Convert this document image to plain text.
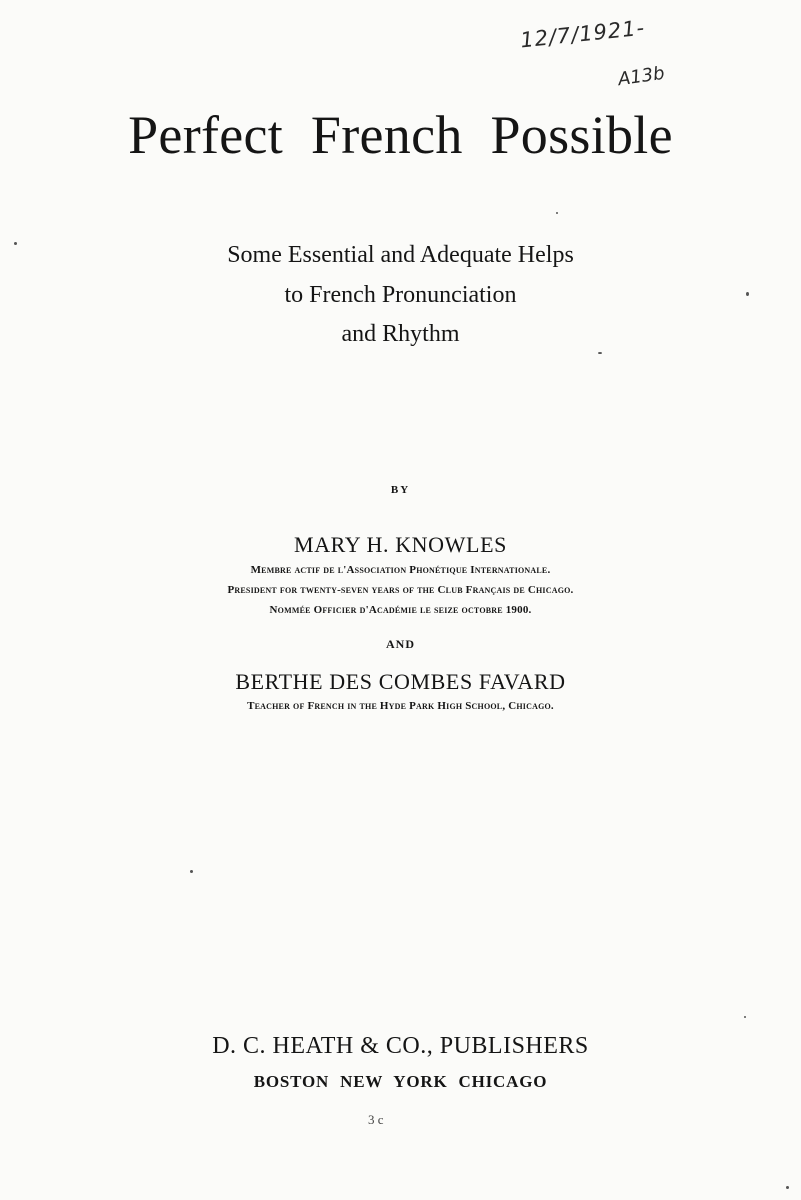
12/7/1921-
A13b
Perfect French Possible
Some Essential and Adequate Helps
to French Pronunciation
and Rhythm
BY
MARY H. KNOWLES
Membre actif de l'Association Phonétique Internationale.
President for twenty-seven years of the Club Français de Chicago.
Nommée Officier d'Académie le seize octobre 1900.
AND
BERTHE DES COMBES FAVARD
Teacher of French in the Hyde Park High School, Chicago.
D. C. HEATH & CO., PUBLISHERS
BOSTON NEW YORK CHICAGO
3 c
